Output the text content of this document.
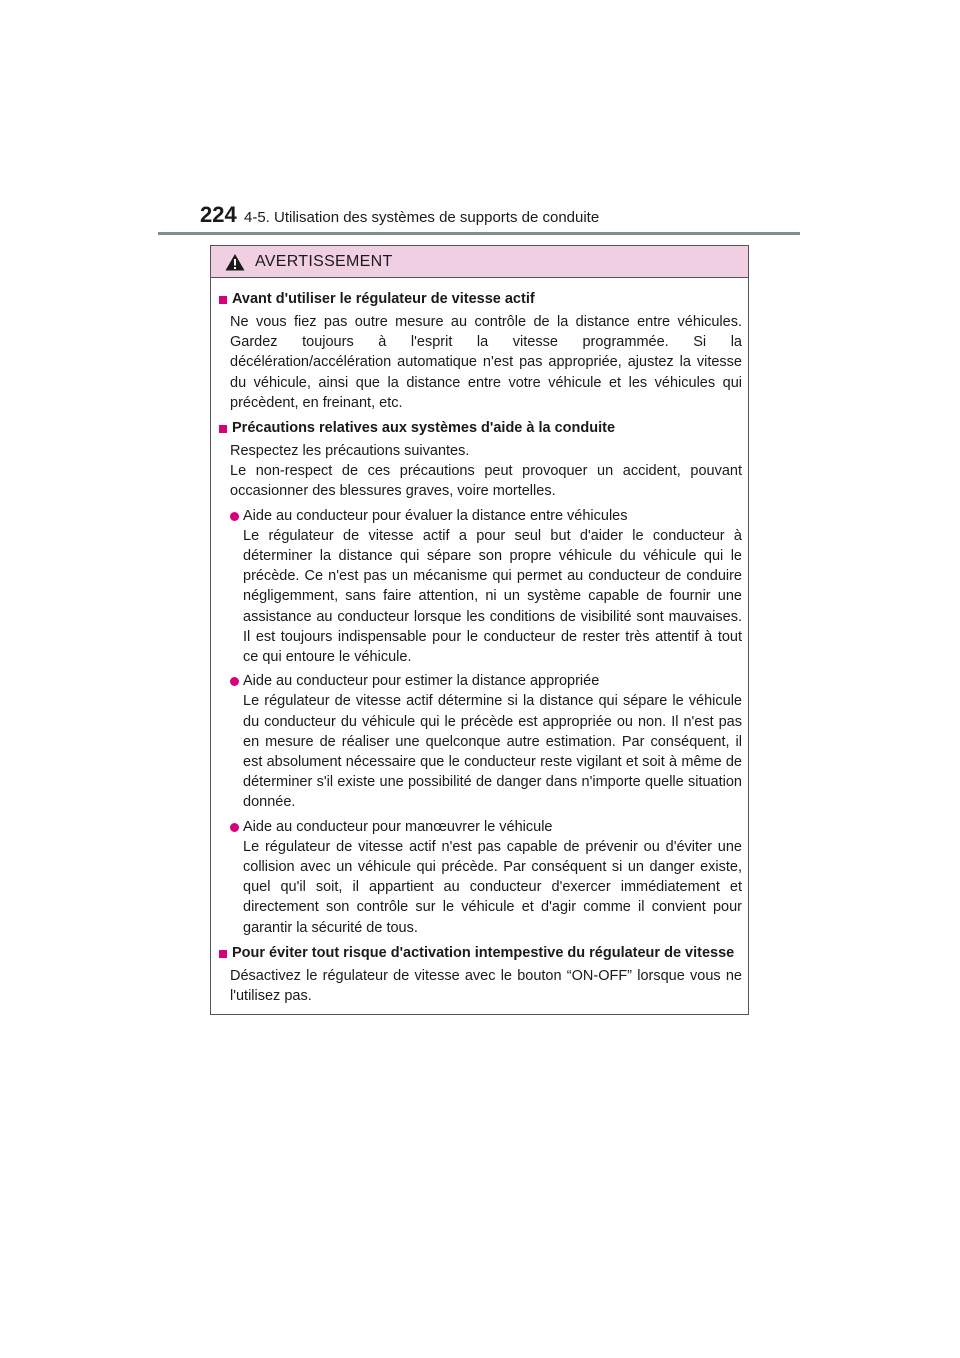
224 4-5. Utilisation des systèmes de supports de conduite
AVERTISSEMENT
Avant d'utiliser le régulateur de vitesse actif
Ne vous fiez pas outre mesure au contrôle de la distance entre véhicules. Gardez toujours à l'esprit la vitesse programmée. Si la décélération/accélération automatique n'est pas appropriée, ajustez la vitesse du véhicule, ainsi que la distance entre votre véhicule et les véhicules qui précèdent, en freinant, etc.
Précautions relatives aux systèmes d'aide à la conduite
Respectez les précautions suivantes.
Le non-respect de ces précautions peut provoquer un accident, pouvant occasionner des blessures graves, voire mortelles.
Aide au conducteur pour évaluer la distance entre véhicules
Le régulateur de vitesse actif a pour seul but d'aider le conducteur à déterminer la distance qui sépare son propre véhicule du véhicule qui le précède. Ce n'est pas un mécanisme qui permet au conducteur de conduire négligemment, sans faire attention, ni un système capable de fournir une assistance au conducteur lorsque les conditions de visibilité sont mauvaises. Il est toujours indispensable pour le conducteur de rester très attentif à tout ce qui entoure le véhicule.
Aide au conducteur pour estimer la distance appropriée
Le régulateur de vitesse actif détermine si la distance qui sépare le véhicule du conducteur du véhicule qui le précède est appropriée ou non. Il n'est pas en mesure de réaliser une quelconque autre estimation. Par conséquent, il est absolument nécessaire que le conducteur reste vigilant et soit à même de déterminer s'il existe une possibilité de danger dans n'importe quelle situation donnée.
Aide au conducteur pour manœuvrer le véhicule
Le régulateur de vitesse actif n'est pas capable de prévenir ou d'éviter une collision avec un véhicule qui précède. Par conséquent si un danger existe, quel qu'il soit, il appartient au conducteur d'exercer immédiatement et directement son contrôle sur le véhicule et d'agir comme il convient pour garantir la sécurité de tous.
Pour éviter tout risque d'activation intempestive du régulateur de vitesse
Désactivez le régulateur de vitesse avec le bouton “ON-OFF” lorsque vous ne l'utilisez pas.
